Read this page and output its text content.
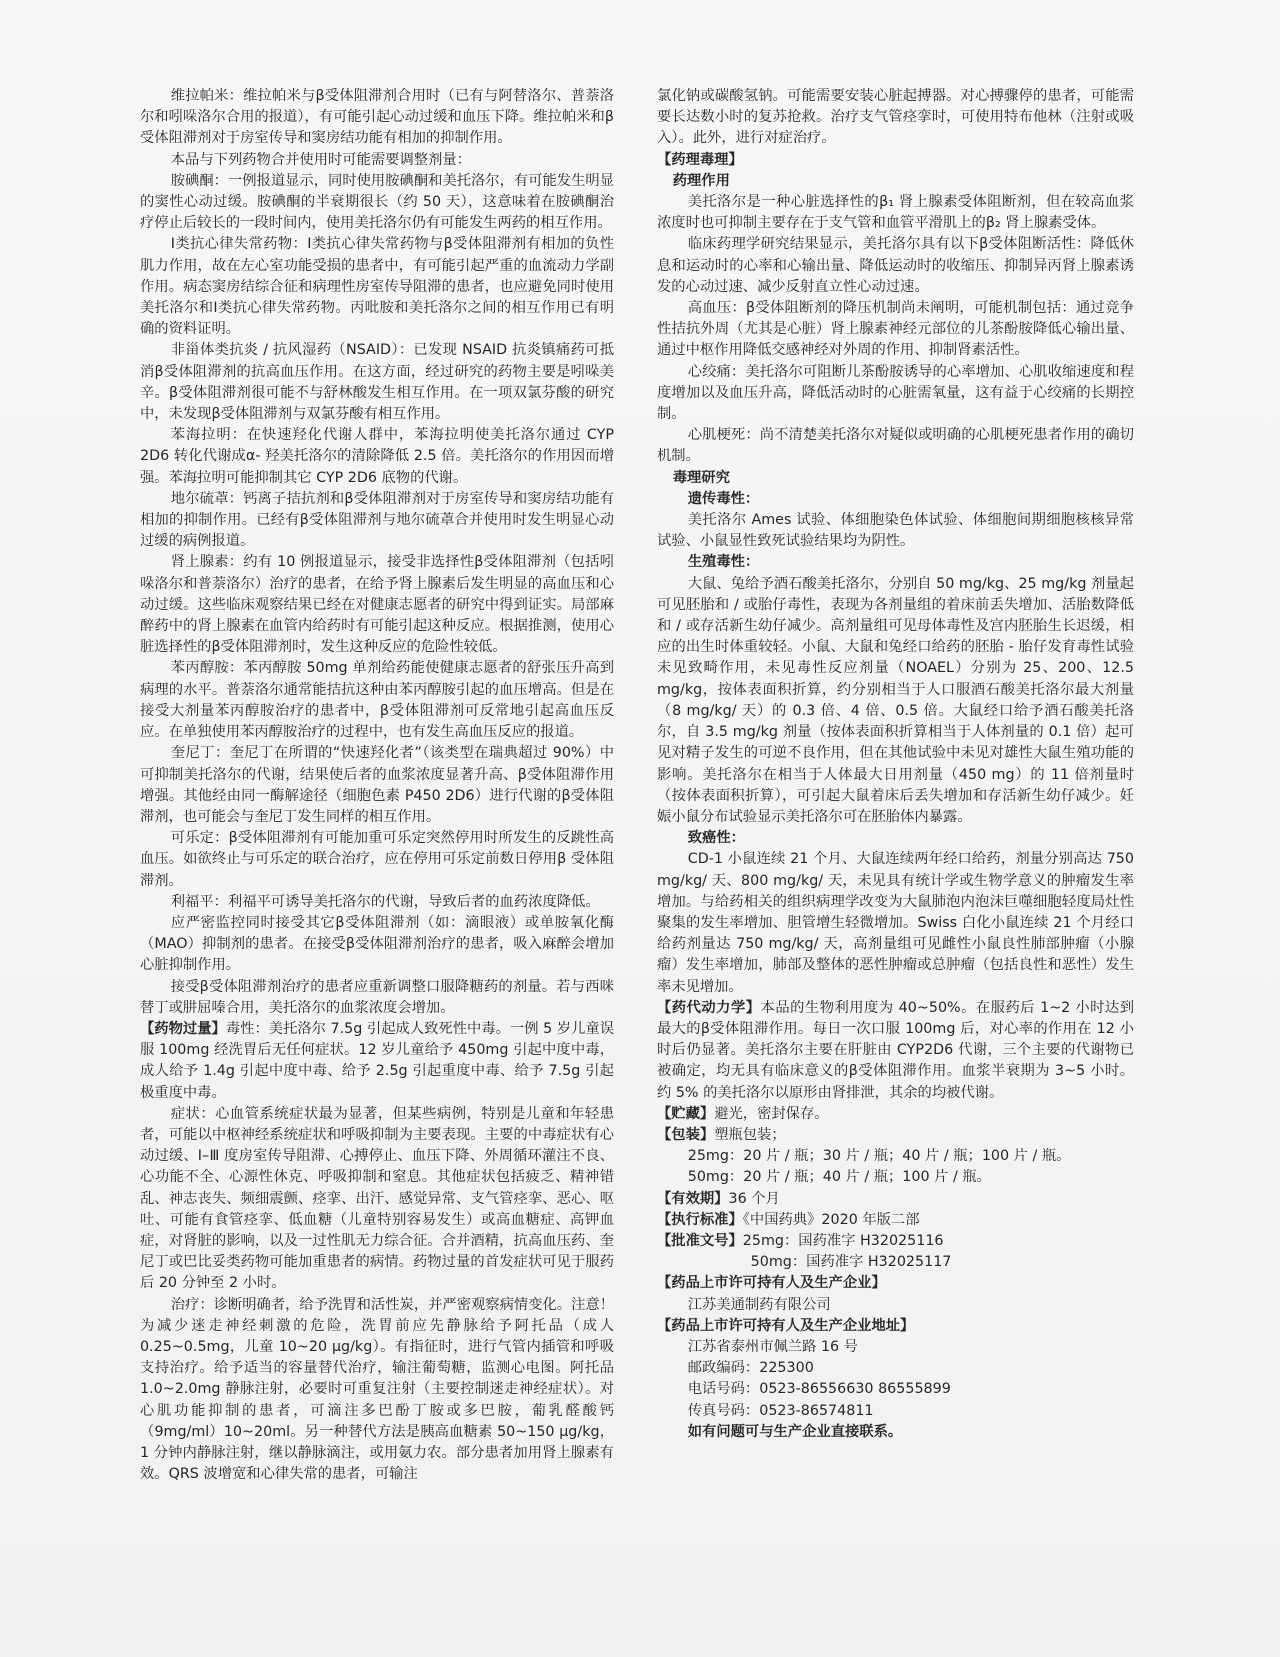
维拉帕米：维拉帕米与β受体阻滞剂合用时（已有与阿替洛尔、普萘洛尔和吲哚洛尔合用的报道），有可能引起心动过缓和血压下降。维拉帕米和β受体阻滞剂对于房室传导和窦房结功能有相加的抑制作用。

本品与下列药物合并使用时可能需要调整剂量：

胺碘酮：一例报道显示，同时使用胺碘酮和美托洛尔，有可能发生明显的窦性心动过缓。胺碘酮的半衰期很长（约 50 天），这意味着在胺碘酮治疗停止后较长的一段时间内，使用美托洛尔仍有可能发生两药的相互作用。

Ⅰ类抗心律失常药物：Ⅰ类抗心律失常药物与β受体阻滞剂有相加的负性肌力作用，故在左心室功能受损的患者中，有可能引起严重的血流动力学副作用。病态窦房结综合征和病理性房室传导阻滞的患者，也应避免同时使用美托洛尔和Ⅰ类抗心律失常药物。丙吡胺和美托洛尔之间的相互作用已有明确的资料证明。

非甾体类抗炎 / 抗风湿药（NSAID）：已发现 NSAID 抗炎镇痛药可抵消β受体阻滞剂的抗高血压作用。在这方面，经过研究的药物主要是吲哚美辛。β受体阻滞剂很可能不与舒林酸发生相互作用。在一项双氯芬酸的研究中，未发现β受体阻滞剂与双氯芬酸有相互作用。

苯海拉明：在快速羟化代谢人群中，苯海拉明使美托洛尔通过 CYP 2D6 转化代谢成α- 羟美托洛尔的清除降低 2.5 倍。美托洛尔的作用因而增强。苯海拉明可能抑制其它 CYP 2D6 底物的代谢。

地尔硫䓬：钙离子拮抗剂和β受体阻滞剂对于房室传导和窦房结功能有相加的抑制作用。已经有β受体阻滞剂与地尔硫䓬合并使用时发生明显心动过缓的病例报道。

肾上腺素：约有 10 例报道显示，接受非选择性β受体阻滞剂（包括吲哚洛尔和普萘洛尔）治疗的患者，在给予肾上腺素后发生明显的高血压和心动过缓。这些临床观察结果已经在对健康志愿者的研究中得到证实。局部麻醉药中的肾上腺素在血管内给药时有可能引起这种反应。根据推测，使用心脏选择性的β受体阻滞剂时，发生这种反应的危险性较低。

苯丙醇胺：苯丙醇胺 50mg 单剂给药能使健康志愿者的舒张压升高到病理的水平。普萘洛尔通常能拮抗这种由苯丙醇胺引起的血压增高。但是在接受大剂量苯丙醇胺治疗的患者中，β受体阻滞剂可反常地引起高血压反应。在单独使用苯丙醇胺治疗的过程中，也有发生高血压反应的报道。

奎尼丁：奎尼丁在所谓的“快速羟化者”（该类型在瑞典超过 90%）中可抑制美托洛尔的代谢，结果使后者的血浆浓度显著升高、β受体阻滞作用增强。其他经由同一酶解途径（细胞色素 P450 2D6）进行代谢的β受体阻滞剂，也可能会与奎尼丁发生同样的相互作用。

可乐定：β受体阻滞剂有可能加重可乐定突然停用时所发生的反跳性高血压。如欲终止与可乐定的联合治疗，应在停用可乐定前数日停用β 受体阻滞剂。

利福平：利福平可诱导美托洛尔的代谢，导致后者的血药浓度降低。

应严密监控同时接受其它β受体阻滞剂（如：滴眼液）或单胺氧化酶（MAO）抑制剂的患者。在接受β受体阻滞剂治疗的患者，吸入麻醉会增加心脏抑制作用。

接受β受体阻滞剂治疗的患者应重新调整口服降糖药的剂量。若与西咪替丁或肼屈嗪合用，美托洛尔的血浆浓度会增加。

【药物过量】毒性：美托洛尔 7.5g 引起成人致死性中毒。一例 5 岁儿童误服 100mg 经洗胃后无任何症状。12 岁儿童给予 450mg 引起中度中毒，成人给予 1.4g 引起中度中毒、给予 2.5g 引起重度中毒、给予 7.5g 引起极重度中毒。

症状：心血管系统症状最为显著，但某些病例，特别是儿童和年轻患者，可能以中枢神经系统症状和呼吸抑制为主要表现。主要的中毒症状有心动过缓、Ⅰ–Ⅲ 度房室传导阻滞、心搏停止、血压下降、外周循环灌注不良、心功能不全、心源性休克、呼吸抑制和窒息。其他症状包括疲乏、精神错乱、神志丧失、频细震颤、痉挛、出汗、感觉异常、支气管痉挛、恶心、呕吐、可能有食管痉挛、低血糖（儿童特别容易发生）或高血糖症、高钾血症，对肾脏的影响，以及一过性肌无力综合征。合并酒精，抗高血压药、奎尼丁或巴比妥类药物可能加重患者的病情。药物过量的首发症状可见于服药后 20 分钟至 2 小时。

治疗：诊断明确者，给予洗胃和活性炭，并严密观察病情变化。注意！为减少迷走神经刺激的危险，洗胃前应先静脉给予阿托品（成人 0.25~0.5mg，儿童 10~20 μg/kg）。有指征时，进行气管内插管和呼吸支持治疗。给予适当的容量替代治疗，输注葡萄糖，监测心电图。阿托品 1.0~2.0mg 静脉注射，必要时可重复注射（主要控制迷走神经症状）。对心肌功能抑制的患者，可滴注多巴酚丁胺或多巴胺，葡乳醛酸钙（9mg/ml）10~20ml。另一种替代方法是胰高血糖素 50~150 μg/kg，1 分钟内静脉注射，继以静脉滴注，或用氨力农。部分患者加用肾上腺素有效。QRS 波增宽和心律失常的患者，可输注

氯化钠或碳酸氢钠。可能需要安装心脏起搏器。对心搏骤停的患者，可能需要长达数小时的复苏抢救。治疗支气管痉挛时，可使用特布他林（注射或吸入）。此外，进行对症治疗。

【药理毒理】

药理作用

美托洛尔是一种心脏选择性的β₁ 肾上腺素受体阻断剂，但在较高血浆浓度时也可抑制主要存在于支气管和血管平滑肌上的β₂ 肾上腺素受体。

临床药理学研究结果显示，美托洛尔具有以下β受体阻断活性：降低休息和运动时的心率和心输出量、降低运动时的收缩压、抑制异丙肾上腺素诱发的心动过速、减少反射直立性心动过速。

高血压：β受体阻断剂的降压机制尚未阐明，可能机制包括：通过竞争性拮抗外周（尤其是心脏）肾上腺素神经元部位的儿茶酚胺降低心输出量、通过中枢作用降低交感神经对外周的作用、抑制肾素活性。

心绞痛：美托洛尔可阻断儿茶酚胺诱导的心率增加、心肌收缩速度和程度增加以及血压升高，降低活动时的心脏需氧量，这有益于心绞痛的长期控制。

心肌梗死：尚不清楚美托洛尔对疑似或明确的心肌梗死患者作用的确切机制。

毒理研究

遗传毒性：

美托洛尔 Ames 试验、体细胞染色体试验、体细胞间期细胞核核异常试验、小鼠显性致死试验结果均为阴性。

生殖毒性：

大鼠、兔给予酒石酸美托洛尔，分别自 50 mg/kg、25 mg/kg 剂量起可见胚胎和 / 或胎仔毒性，表现为各剂量组的着床前丢失增加、活胎数降低和 / 或存活新生幼仔减少。高剂量组可见母体毒性及宫内胚胎生长迟缓，相应的出生时体重较轻。小鼠、大鼠和兔经口给药的胚胎 - 胎仔发育毒性试验未见致畸作用，未见毒性反应剂量（NOAEL）分别为 25、200、12.5 mg/kg，按体表面积折算，约分别相当于人口服酒石酸美托洛尔最大剂量（8 mg/kg/ 天）的 0.3 倍、4 倍、0.5 倍。大鼠经口给予酒石酸美托洛尔，自 3.5 mg/kg 剂量（按体表面积折算相当于人体剂量的 0.1 倍）起可见对精子发生的可逆不良作用，但在其他试验中未见对雄性大鼠生殖功能的影响。美托洛尔在相当于人体最大日用剂量（450 mg）的 11 倍剂量时（按体表面积折算），可引起大鼠着床后丢失增加和存活新生幼仔减少。妊娠小鼠分布试验显示美托洛尔可在胚胎体内暴露。

致癌性：

CD-1 小鼠连续 21 个月、大鼠连续两年经口给药，剂量分别高达 750 mg/kg/ 天、800 mg/kg/ 天，未见具有统计学或生物学意义的肿瘤发生率增加。与给药相关的组织病理学改变为大鼠肺泡内泡沫巨噬细胞轻度局灶性聚集的发生率增加、胆管增生轻微增加。Swiss 白化小鼠连续 21 个月经口给药剂量达 750 mg/kg/ 天，高剂量组可见雌性小鼠良性肺部肿瘤（小腺瘤）发生率增加，肺部及整体的恶性肿瘤或总肿瘤（包括良性和恶性）发生率未见增加。

【药代动力学】本品的生物利用度为 40~50%。在服药后 1~2 小时达到最大的β受体阻滞作用。每日一次口服 100mg 后，对心率的作用在 12 小时后仍显著。美托洛尔主要在肝脏由 CYP2D6 代谢，三个主要的代谢物已被确定，均无具有临床意义的β受体阻滞作用。血浆半衰期为 3~5 小时。约 5% 的美托洛尔以原形由肾排泄，其余的均被代谢。

【贮藏】避光，密封保存。

【包装】塑瓶包装；

25mg：20 片 / 瓶；30 片 / 瓶；40 片 / 瓶；100 片 / 瓶。

50mg：20 片 / 瓶；40 片 / 瓶；100 片 / 瓶。

【有效期】36 个月

【执行标准】《中国药典》2020 年版二部

【批准文号】25mg：国药准字 H32025116

50mg：国药准字 H32025117

【药品上市许可持有人及生产企业】

江苏美通制药有限公司

【药品上市许可持有人及生产企业地址】

江苏省泰州市佩兰路 16 号

邮政编码：225300

电话号码：0523-86556630 86555899

传真号码：0523-86574811

如有问题可与生产企业直接联系。
